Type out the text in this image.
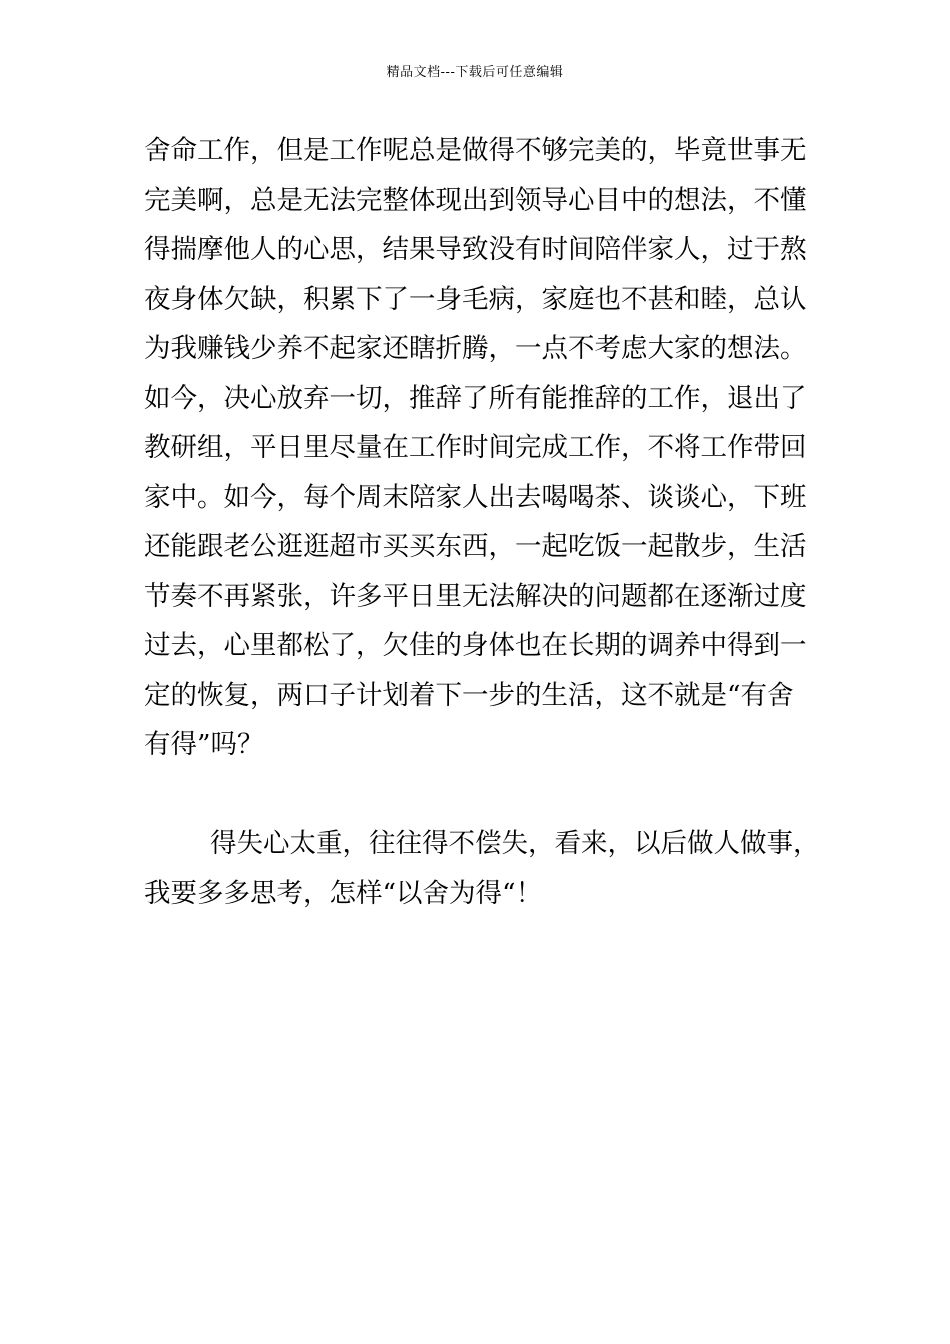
精品文档---下载后可任意编辑
舍命工作，但是工作呢总是做得不够完美的，毕竟世事无
完美啊，总是无法完整体现出到领导心目中的想法，不懂
得揣摩他人的心思，结果导致没有时间陪伴家人，过于熬
夜身体欠缺，积累下了一身毛病，家庭也不甚和睦，总认
为我赚钱少养不起家还瞎折腾，一点不考虑大家的想法。
如今，决心放弃一切，推辞了所有能推辞的工作，退出了
教研组，平日里尽量在工作时间完成工作，不将工作带回
家中。如今，每个周末陪家人出去喝喝茶、谈谈心，下班
还能跟老公逛逛超市买买东西，一起吃饭一起散步，生活
节奏不再紧张，许多平日里无法解决的问题都在逐渐过度
过去，心里都松了，欠佳的身体也在长期的调养中得到一
定的恢复，两口子计划着下一步的生活，这不就是“有舍
有得”吗？
得失心太重，往往得不偿失，看来，以后做人做事，
我要多多思考，怎样“以舍为得“！
